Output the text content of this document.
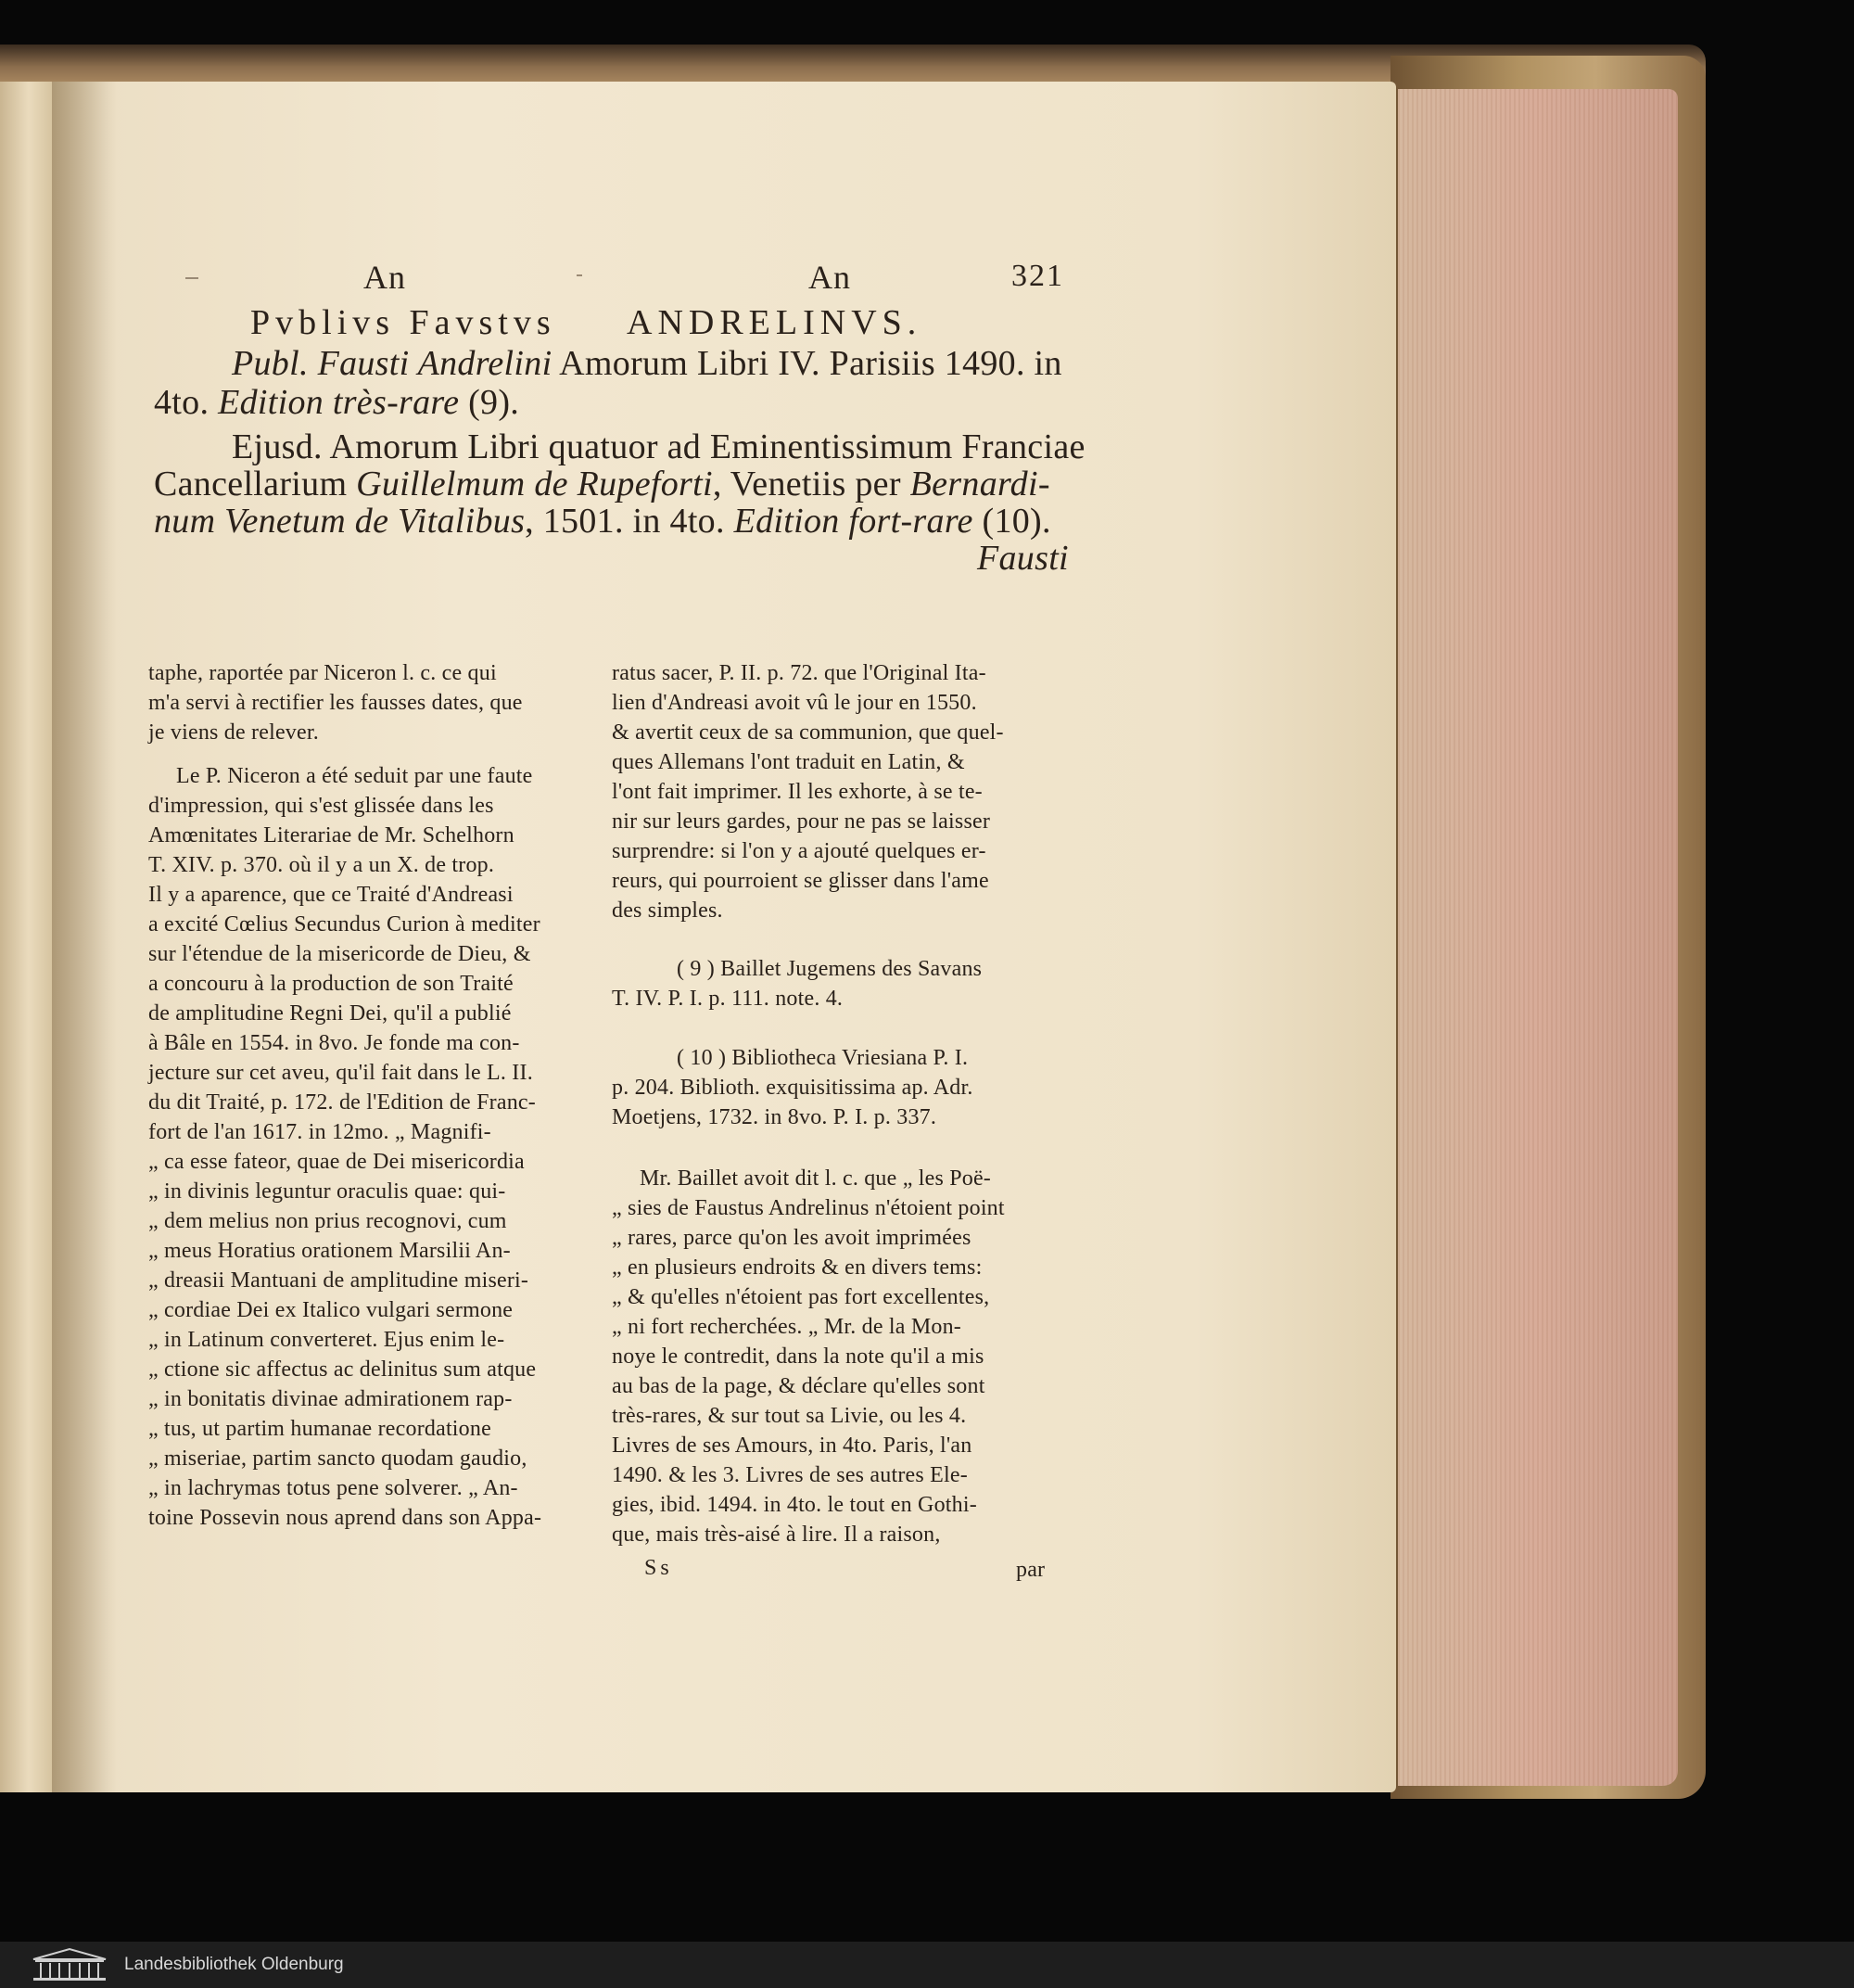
An	An	321
Pvblivs Favstvs ANDRELINVS.
Publ. Fausti Andrelini Amorum Libri IV. Parisiis 1490. in
4to. Edition très-rare (9).
Ejusd. Amorum Libri quatuor ad Eminentissimum Franciae
Cancellarium Guillelmum de Rupeforti, Venetiis per Bernardi-
num Venetum de Vitalibus, 1501. in 4to. Edition fort-rare (10).
Fausti
taphe, raportée par Niceron l. c. ce qui
m'a servi à rectifier les fausses dates, que
je viens de relever.
Le P. Niceron a été seduit par une faute
d'impression, qui s'est glissée dans les
Amœnitates Literariae de Mr. Schelhorn
T. XIV. p. 370. où il y a un X. de trop.
Il y a aparence, que ce Traité d'Andreasi
a excité Cœlius Secundus Curion à mediter
sur l'étendue de la misericorde de Dieu, &
a concouru à la production de son Traité
de amplitudine Regni Dei, qu'il a publié
à Bâle en 1554. in 8vo. Je fonde ma con-
jecture sur cet aveu, qu'il fait dans le L. II.
du dit Traité, p. 172. de l'Edition de Franc-
fort de l'an 1617. in 12mo. „ Magnifi-
„ ca esse fateor, quae de Dei misericordia
„ in divinis leguntur oraculis quae: qui-
„ dem melius non prius recognovi, cum
„ meus Horatius orationem Marsilii An-
„ dreasii Mantuani de amplitudine miseri-
„ cordiae Dei ex Italico vulgari sermone
„ in Latinum converteret. Ejus enim le-
„ ctione sic affectus ac delinitus sum atque
„ in bonitatis divinae admirationem rap-
„ tus, ut partim humanae recordatione
„ miseriae, partim sancto quodam gaudio,
„ in lachrymas totus pene solverer. „ An-
toine Possevin nous aprend dans son Appa-
ratus sacer, P. II. p. 72. que l'Original Ita-
lien d'Andreasi avoit vû le jour en 1550.
& avertit ceux de sa communion, que quel-
ques Allemans l'ont traduit en Latin, &
l'ont fait imprimer. Il les exhorte, à se te-
nir sur leurs gardes, pour ne pas se laisser
surprendre: si l'on y a ajouté quelques er-
reurs, qui pourroient se glisser dans l'ame
des simples.
( 9 ) Baillet Jugemens des Savans
T. IV. P. I. p. 111. note. 4.
( 10 ) Bibliotheca Vriesiana P. I.
p. 204. Biblioth. exquisitissima ap. Adr.
Moetjens, 1732. in 8vo. P. I. p. 337.
Mr. Baillet avoit dit l. c. que „ les Poë-
„ sies de Faustus Andrelinus n'étoient point
„ rares, parce qu'on les avoit imprimées
„ en plusieurs endroits & en divers tems:
„ & qu'elles n'étoient pas fort excellentes,
„ ni fort recherchées. „ Mr. de la Mon-
noye le contredit, dans la note qu'il a mis
au bas de la page, & déclare qu'elles sont
très-rares, & sur tout sa Livie, ou les 4.
Livres de ses Amours, in 4to. Paris, l'an
1490. & les 3. Livres de ses autres Ele-
gies, ibid. 1494. in 4to. le tout en Gothi-
que, mais très-aisé à lire. Il a raison,
Ss	par
Landesbibliothek Oldenburg
